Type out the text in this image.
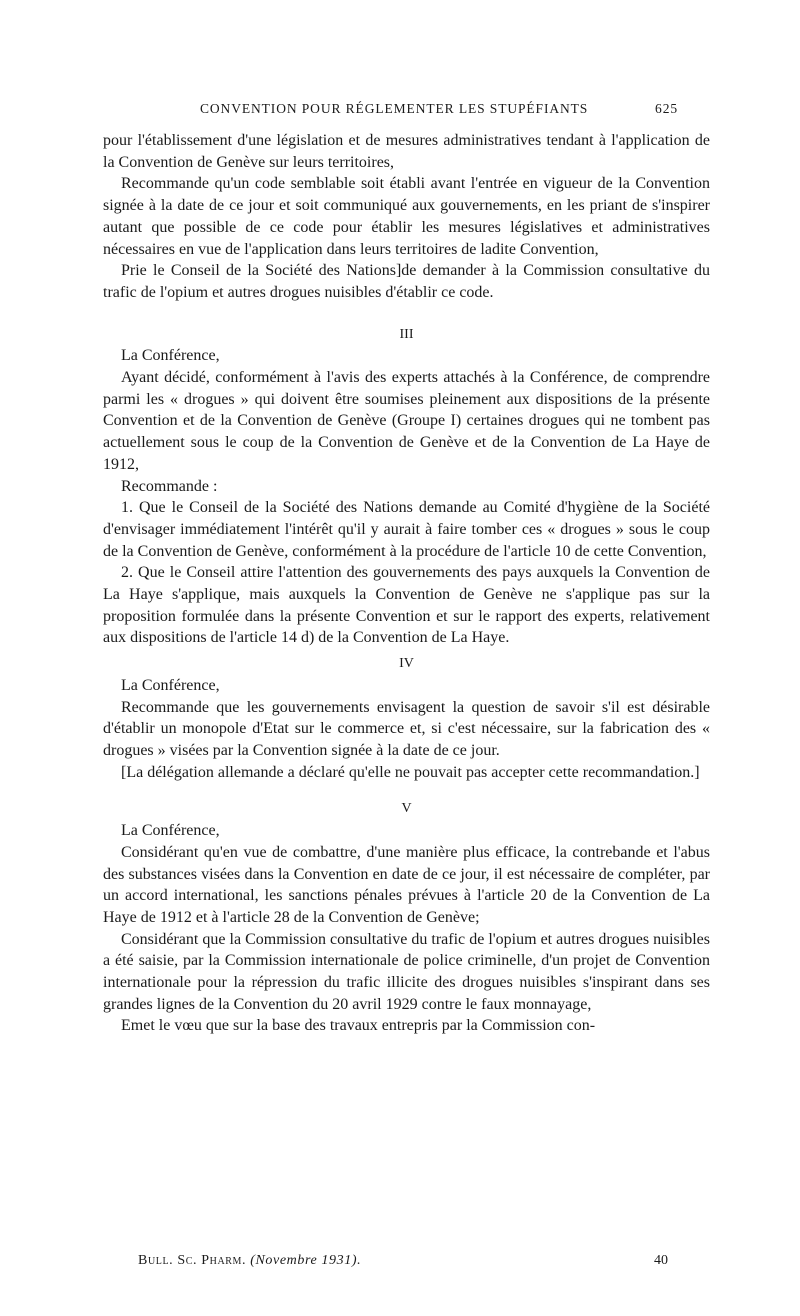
CONVENTION POUR RÉGLEMENTER LES STUPÉFIANTS	625

pour l'établissement d'une législation et de mesures administratives tendant à l'application de la Convention de Genève sur leurs territoires,

Recommande qu'un code semblable soit établi avant l'entrée en vigueur de la Convention signée à la date de ce jour et soit communiqué aux gouvernements, en les priant de s'inspirer autant que possible de ce code pour établir les mesures législatives et administratives nécessaires en vue de l'application dans leurs territoires de ladite Convention,

Prie le Conseil de la Société des Nations]de demander à la Commission consultative du trafic de l'opium et autres drogues nuisibles d'établir ce code.

III

La Conférence,

Ayant décidé, conformément à l'avis des experts attachés à la Conférence, de comprendre parmi les « drogues » qui doivent être soumises pleinement aux dispositions de la présente Convention et de la Convention de Genève (Groupe I) certaines drogues qui ne tombent pas actuellement sous le coup de la Convention de Genève et de la Convention de La Haye de 1912,

Recommande :

1. Que le Conseil de la Société des Nations demande au Comité d'hygiène de la Société d'envisager immédiatement l'intérêt qu'il y aurait à faire tomber ces « drogues » sous le coup de la Convention de Genève, conformément à la procédure de l'article 10 de cette Convention,

2. Que le Conseil attire l'attention des gouvernements des pays auxquels la Convention de La Haye s'applique, mais auxquels la Convention de Genève ne s'applique pas sur la proposition formulée dans la présente Convention et sur le rapport des experts, relativement aux dispositions de l'article 14 d) de la Convention de La Haye.

IV

La Conférence,

Recommande que les gouvernements envisagent la question de savoir s'il est désirable d'établir un monopole d'Etat sur le commerce et, si c'est nécessaire, sur la fabrication des « drogues » visées par la Convention signée à la date de ce jour.

[La délégation allemande a déclaré qu'elle ne pouvait pas accepter cette recommandation.]

V

La Conférence,

Considérant qu'en vue de combattre, d'une manière plus efficace, la contrebande et l'abus des substances visées dans la Convention en date de ce jour, il est nécessaire de compléter, par un accord international, les sanctions pénales prévues à l'article 20 de la Convention de La Haye de 1912 et à l'article 28 de la Convention de Genève;

Considérant que la Commission consultative du trafic de l'opium et autres drogues nuisibles a été saisie, par la Commission internationale de police criminelle, d'un projet de Convention internationale pour la répression du trafic illicite des drogues nuisibles s'inspirant dans ses grandes lignes de la Convention du 20 avril 1929 contre le faux monnayage,

Emet le vœu que sur la base des travaux entrepris par la Commission con-

Bull. Sc. Pharm. (Novembre 1931).	40
